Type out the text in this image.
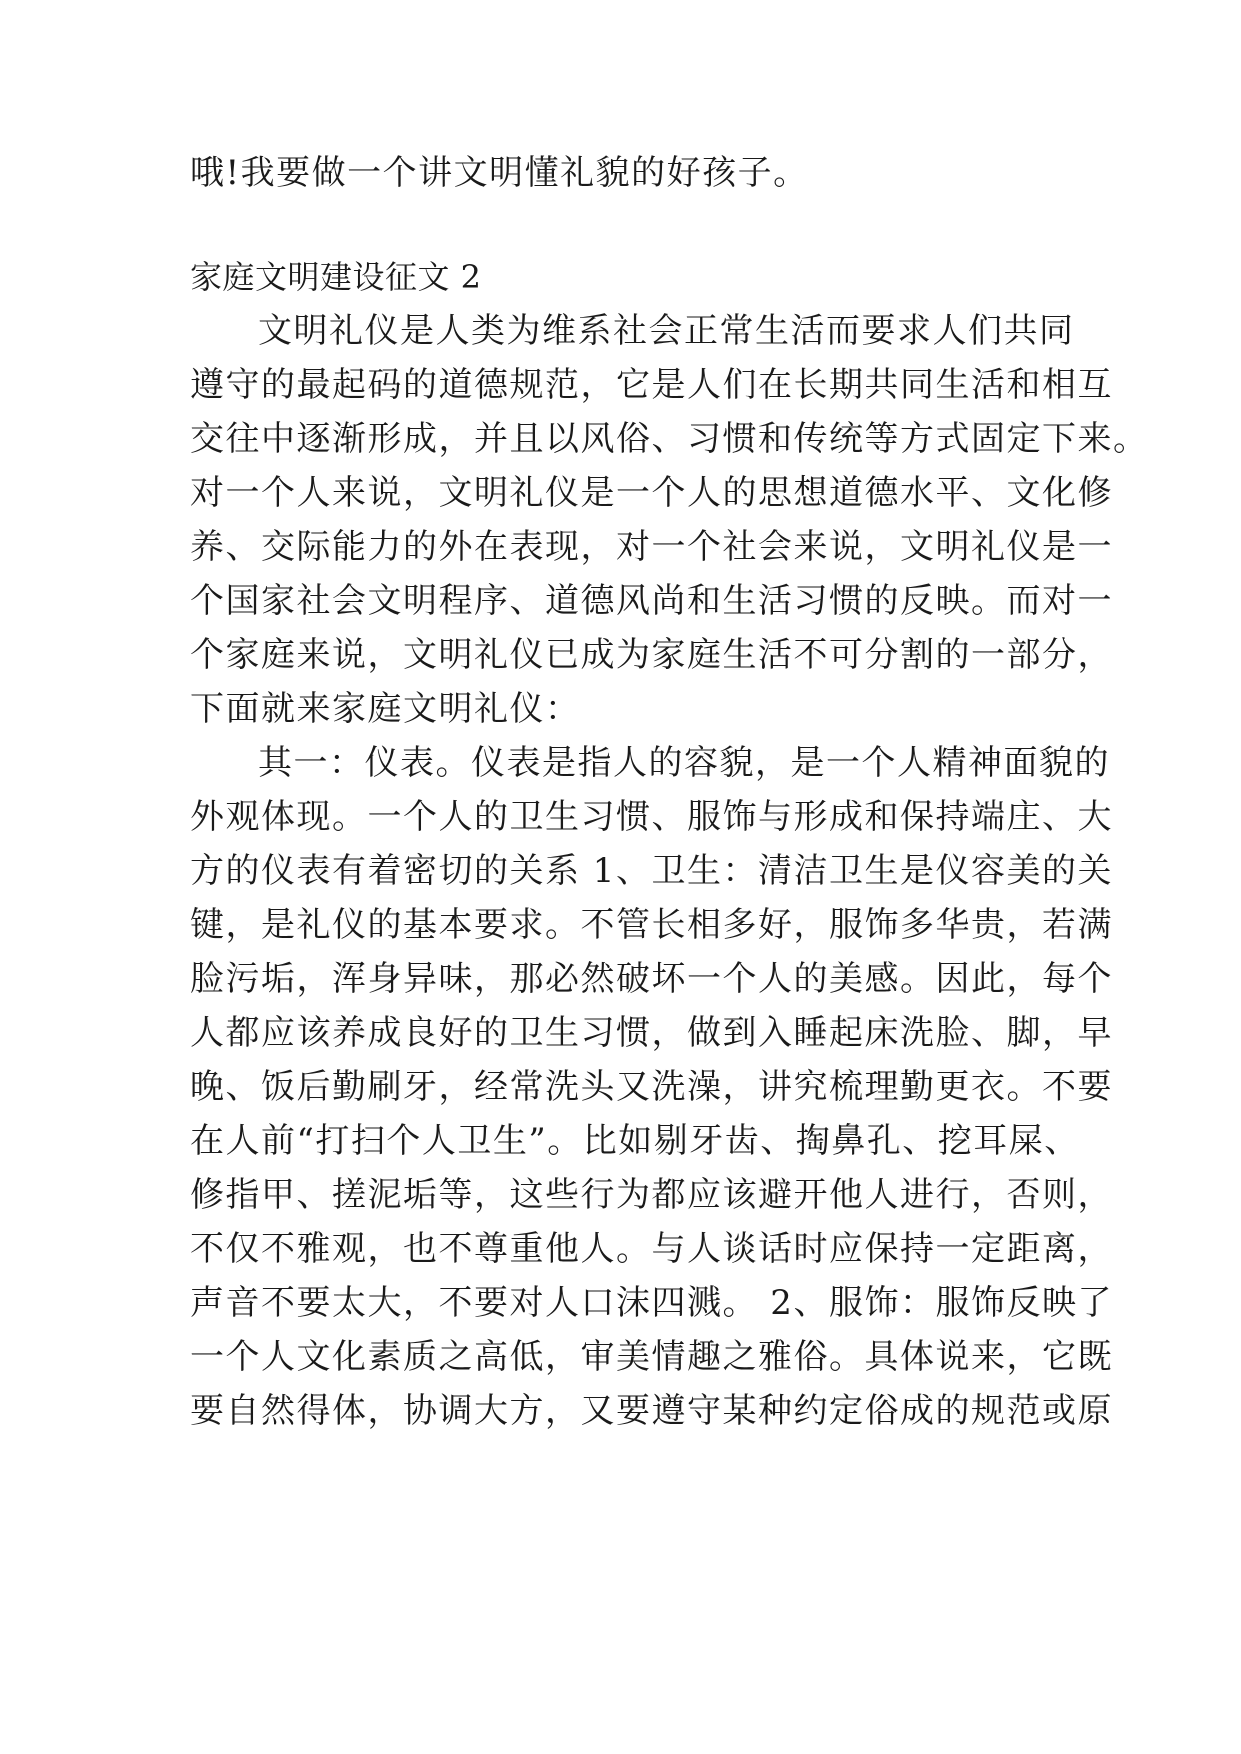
哦!我要做一个讲文明懂礼貌的好孩子。
家庭文明建设征文 2
文明礼仪是人类为维系社会正常生活而要求人们共同
遵守的最起码的道德规范，它是人们在长期共同生活和相互
交往中逐渐形成，并且以风俗、习惯和传统等方式固定下来。
对一个人来说，文明礼仪是一个人的思想道德水平、文化修
养、交际能力的外在表现，对一个社会来说，文明礼仪是一
个国家社会文明程序、道德风尚和生活习惯的反映。而对一
个家庭来说，文明礼仪已成为家庭生活不可分割的一部分，
下面就来家庭文明礼仪：
其一：仪表。仪表是指人的容貌，是一个人精神面貌的
外观体现。一个人的卫生习惯、服饰与形成和保持端庄、大
方的仪表有着密切的关系 1、卫生：清洁卫生是仪容美的关
键，是礼仪的基本要求。不管长相多好，服饰多华贵，若满
脸污垢，浑身异味，那必然破坏一个人的美感。因此，每个
人都应该养成良好的卫生习惯，做到入睡起床洗脸、脚，早
晚、饭后勤刷牙，经常洗头又洗澡，讲究梳理勤更衣。不要
在人前“打扫个人卫生”。比如剔牙齿、掏鼻孔、挖耳屎、
修指甲、搓泥垢等，这些行为都应该避开他人进行，否则，
不仅不雅观，也不尊重他人。与人谈话时应保持一定距离，
声音不要太大，不要对人口沫四溅。 2、服饰：服饰反映了
一个人文化素质之高低，审美情趣之雅俗。具体说来，它既
要自然得体，协调大方，又要遵守某种约定俗成的规范或原
